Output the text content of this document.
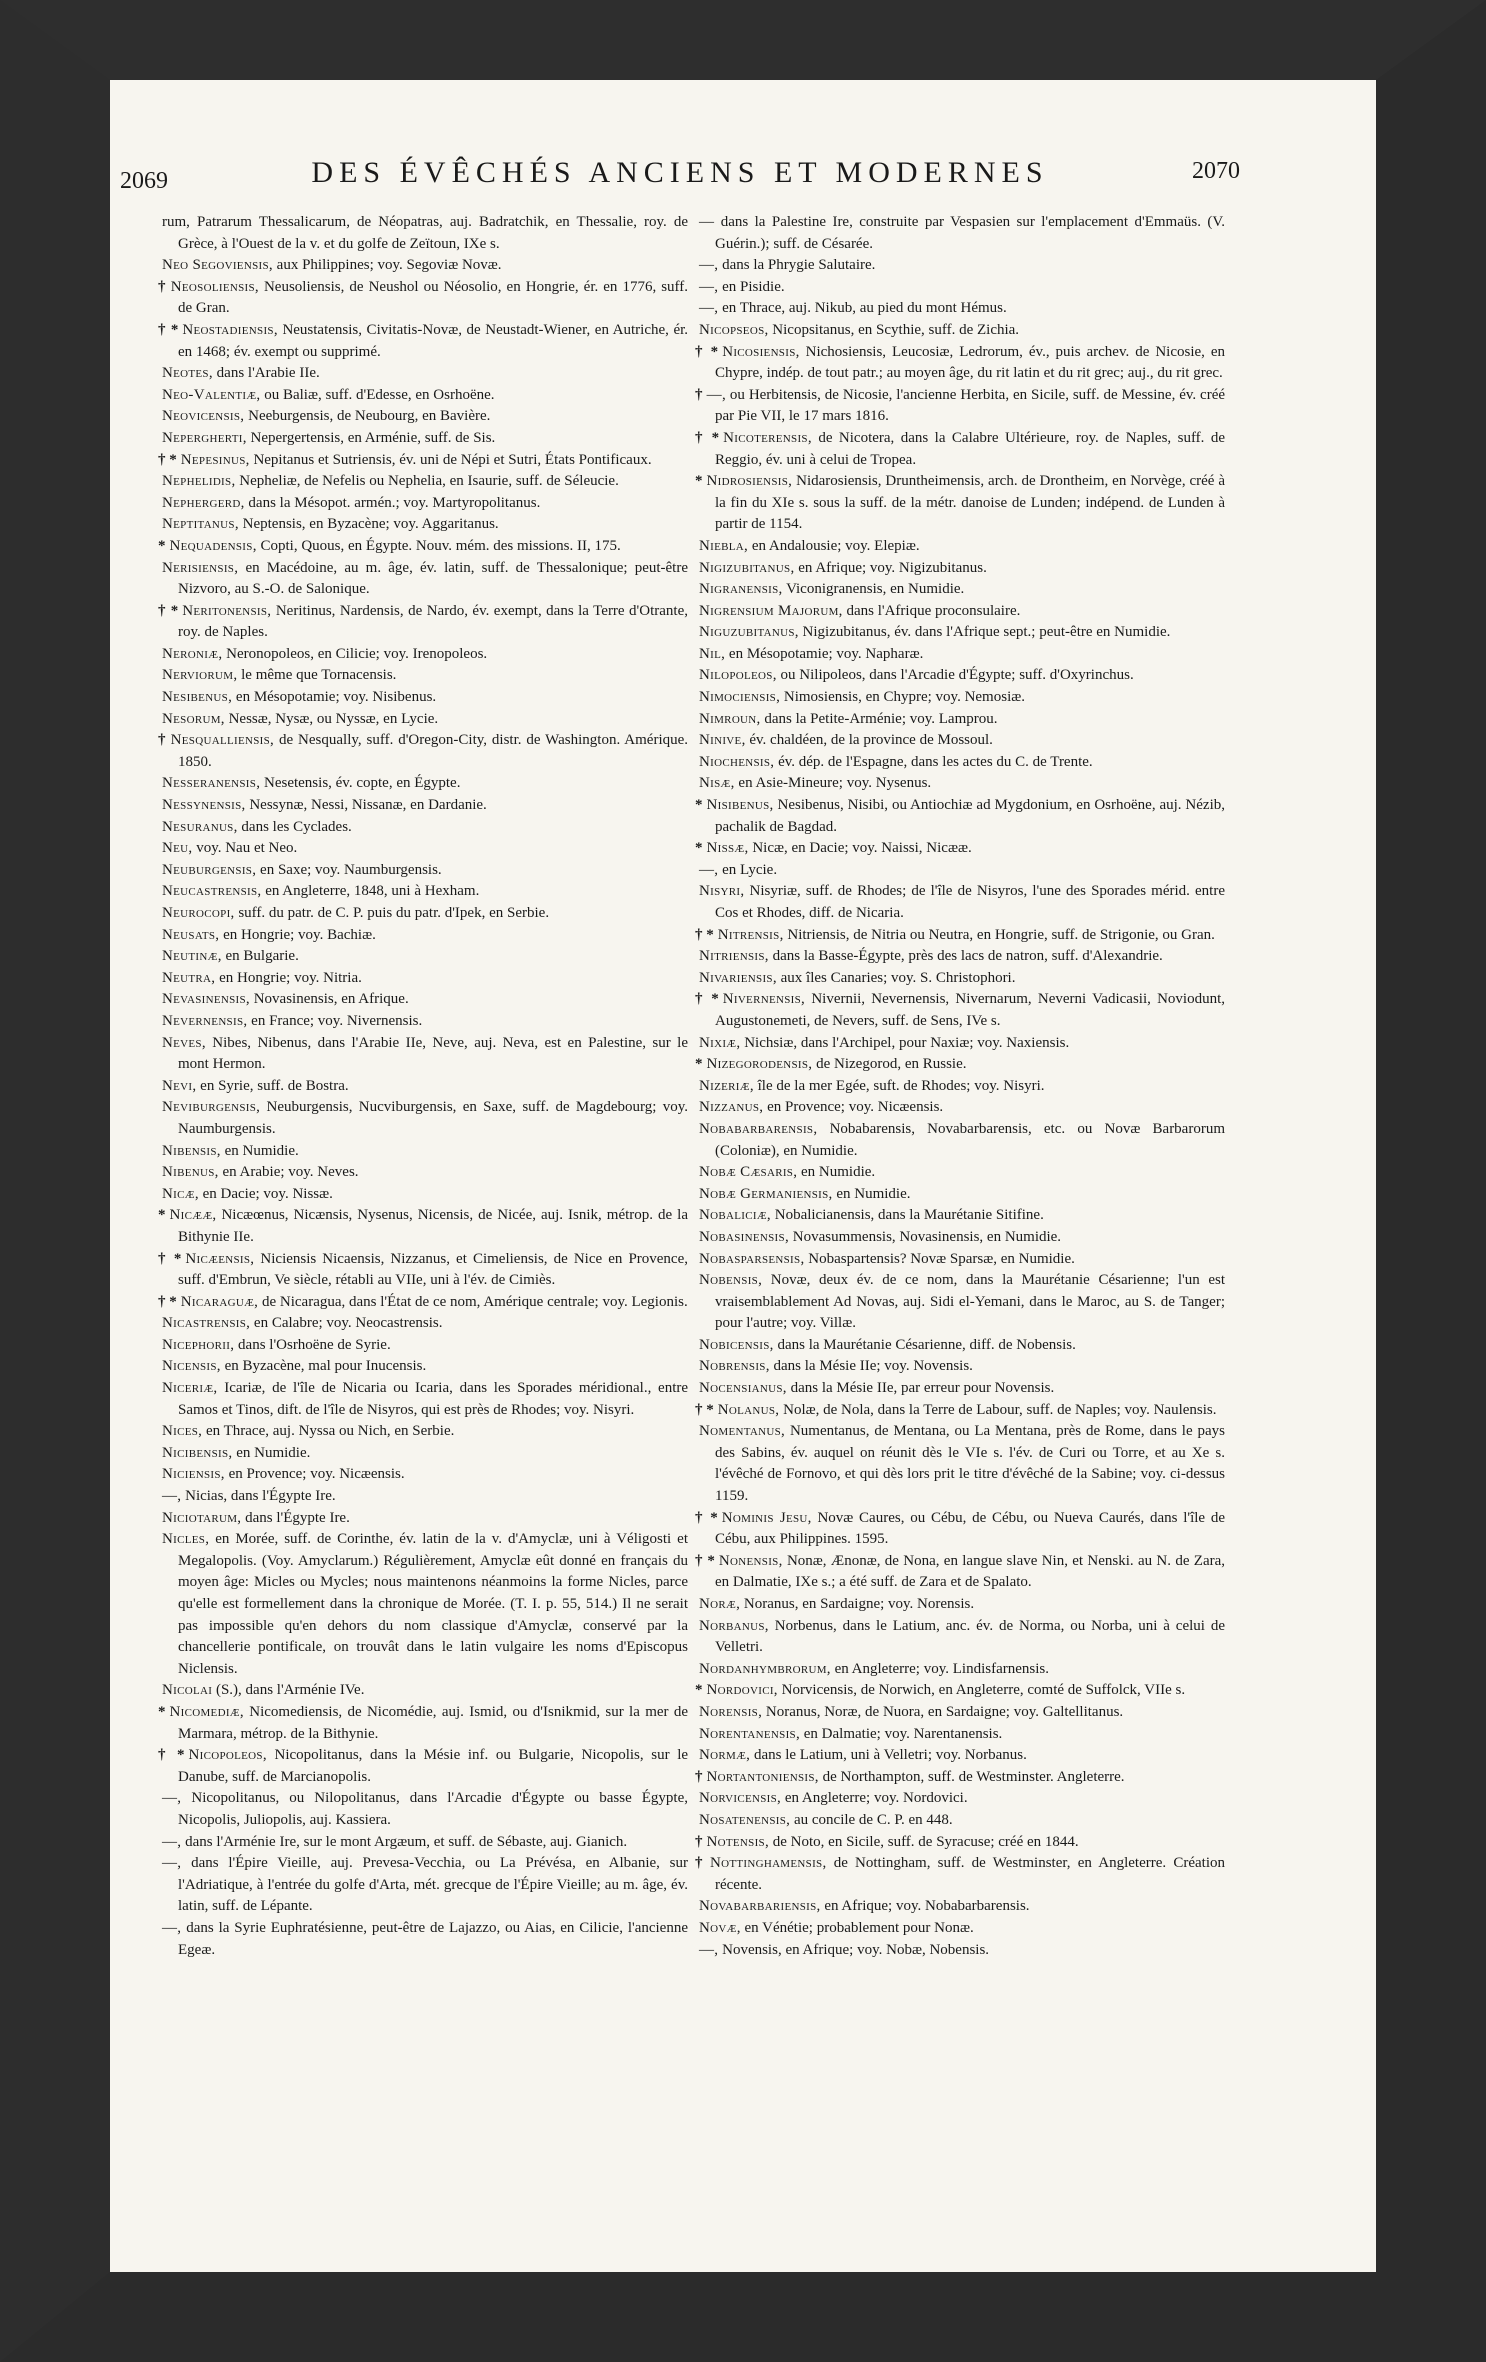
2069	DES ÉVÊCHÉS ANCIENS ET MODERNES	2070

rum, Patrarum Thessalicarum, de Néopatras, auj. Badratchik, en Thessalie, roy. de Grèce, à l'Ouest de la v. et du golfe de Zeïtoun, IXe s.

Neo Segoviensis, aux Philippines; voy. Segoviæ Novæ.

† Neosoliensis, Neusoliensis, de Neushol ou Néosolio, en Hongrie, ér. en 1776, suff. de Gran.

† * Neostadiensis, Neustatensis, Civitatis-Novæ, de Neustadt-Wiener, en Autriche, ér. en 1468; év. exempt ou supprimé.

Neotes, dans l'Arabie IIe.

Neo-Valentiæ, ou Baliæ, suff. d'Edesse, en Osrhoëne.

Neovicensis, Neeburgensis, de Neubourg, en Bavière.

Nepergherti, Nepergertensis, en Arménie, suff. de Sis.

† * Nepesinus, Nepitanus et Sutriensis, év. uni de Népi et Sutri, États Pontificaux.

Nephelidis, Nepheliæ, de Nefelis ou Nephelia, en Isaurie, suff. de Séleucie.

Nephergerd, dans la Mésopot. armén.; voy. Martyropolitanus.

Neptitanus, Neptensis, en Byzacène; voy. Aggaritanus.

* Nequadensis, Copti, Quous, en Égypte. Nouv. mém. des missions. II, 175.

Nerisiensis, en Macédoine, au m. âge, év. latin, suff. de Thessalonique; peut-être Nizvoro, au S.-O. de Salonique.

† * Neritonensis, Neritinus, Nardensis, de Nardo, év. exempt, dans la Terre d'Otrante, roy. de Naples.

Neroniæ, Neronopoleos, en Cilicie; voy. Irenopoleos.

Nerviorum, le même que Tornacensis.

Nesibenus, en Mésopotamie; voy. Nisibenus.

Nesorum, Nessæ, Nysæ, ou Nyssæ, en Lycie.

† Nesqualliensis, de Nesqually, suff. d'Oregon-City, distr. de Washington. Amérique. 1850.

Nesseranensis, Nesetensis, év. copte, en Égypte.

Nessynensis, Nessynæ, Nessi, Nissanæ, en Dardanie.

Nesuranus, dans les Cyclades.

Neu, voy. Nau et Neo.

Neuburgensis, en Saxe; voy. Naumburgensis.

Neucastrensis, en Angleterre, 1848, uni à Hexham.

Neurocopi, suff. du patr. de C. P. puis du patr. d'Ipek, en Serbie.

Neusats, en Hongrie; voy. Bachiæ.

Neutinæ, en Bulgarie.

Neutra, en Hongrie; voy. Nitria.

Nevasinensis, Novasinensis, en Afrique.

Nevernensis, en France; voy. Nivernensis.

Neves, Nibes, Nibenus, dans l'Arabie IIe, Neve, auj. Neva, est en Palestine, sur le mont Hermon.

Nevi, en Syrie, suff. de Bostra.

Neviburgensis, Neuburgensis, Nucviburgensis, en Saxe, suff. de Magdebourg; voy. Naumburgensis.

Nibensis, en Numidie.

Nibenus, en Arabie; voy. Neves.

Nicæ, en Dacie; voy. Nissæ.

* Nicææ, Nicæœnus, Nicænsis, Nysenus, Nicensis, de Nicée, auj. Isnik, métrop. de la Bithynie IIe.

† * Nicæensis, Niciensis Nicaensis, Nizzanus, et Cimeliensis, de Nice en Provence, suff. d'Embrun, Ve siècle, rétabli au VIIe, uni à l'év. de Cimiès.

† * Nicaraguæ, de Nicaragua, dans l'État de ce nom, Amérique centrale; voy. Legionis.

Nicastrensis, en Calabre; voy. Neocastrensis.

Nicephorii, dans l'Osrhoëne de Syrie.

Nicensis, en Byzacène, mal pour Inucensis.

Niceriæ, Icariæ, de l'île de Nicaria ou Icaria, dans les Sporades méridional., entre Samos et Tinos, dift. de l'île de Nisyros, qui est près de Rhodes; voy. Nisyri.

Nices, en Thrace, auj. Nyssa ou Nich, en Serbie.

Nicibensis, en Numidie.

Niciensis, en Provence; voy. Nicæensis.

—, Nicias, dans l'Égypte Ire.

Niciotarum, dans l'Égypte Ire.

Nicles, en Morée, suff. de Corinthe, év. latin de la v. d'Amyclæ, uni à Véligosti et Megalopolis. (Voy. Amyclarum.) Régulièrement, Amyclæ eût donné en français du moyen âge: Micles ou Mycles; nous maintenons néanmoins la forme Nicles, parce qu'elle est formellement dans la chronique de Morée. (T. I. p. 55, 514.) Il ne serait pas impossible qu'en dehors du nom classique d'Amyclæ, conservé par la chancellerie pontificale, on trouvât dans le latin vulgaire les noms d'Episcopus Niclensis.

Nicolai (S.), dans l'Arménie IVe.

* Nicomediæ, Nicomediensis, de Nicomédie, auj. Ismid, ou d'Isnikmid, sur la mer de Marmara, métrop. de la Bithynie.

† * Nicopoleos, Nicopolitanus, dans la Mésie inf. ou Bulgarie, Nicopolis, sur le Danube, suff. de Marcianopolis.

—, Nicopolitanus, ou Nilopolitanus, dans l'Arcadie d'Égypte ou basse Égypte, Nicopolis, Juliopolis, auj. Kassiera.

—, dans l'Arménie Ire, sur le mont Argæum, et suff. de Sébaste, auj. Gianich.

—, dans l'Épire Vieille, auj. Prevesa-Vecchia, ou La Prévésa, en Albanie, sur l'Adriatique, à l'entrée du golfe d'Arta, mét. grecque de l'Épire Vieille; au m. âge, év. latin, suff. de Lépante.

—, dans la Syrie Euphratésienne, peut-être de Lajazzo, ou Aias, en Cilicie, l'ancienne Egeæ.

— dans la Palestine Ire, construite par Vespasien sur l'emplacement d'Emmaüs. (V. Guérin.); suff. de Césarée.

—, dans la Phrygie Salutaire.

—, en Pisidie.

—, en Thrace, auj. Nikub, au pied du mont Hémus.

Nicopseos, Nicopsitanus, en Scythie, suff. de Zichia.

† * Nicosiensis, Nichosiensis, Leucosiæ, Ledrorum, év., puis archev. de Nicosie, en Chypre, indép. de tout patr.; au moyen âge, du rit latin et du rit grec; auj., du rit grec.

† —, ou Herbitensis, de Nicosie, l'ancienne Herbita, en Sicile, suff. de Messine, év. créé par Pie VII, le 17 mars 1816.

† * Nicoterensis, de Nicotera, dans la Calabre Ultérieure, roy. de Naples, suff. de Reggio, év. uni à celui de Tropea.

* Nidrosiensis, Nidarosiensis, Druntheimensis, arch. de Drontheim, en Norvège, créé à la fin du XIe s. sous la suff. de la métr. danoise de Lunden; indépend. de Lunden à partir de 1154.

Niebla, en Andalousie; voy. Elepiæ.

Nigizubitanus, en Afrique; voy. Nigizubitanus.

Nigranensis, Viconigranensis, en Numidie.

Nigrensium Majorum, dans l'Afrique proconsulaire.

Niguzubitanus, Nigizubitanus, év. dans l'Afrique sept.; peut-être en Numidie.

Nil, en Mésopotamie; voy. Napharæ.

Nilopoleos, ou Nilipoleos, dans l'Arcadie d'Égypte; suff. d'Oxyrinchus.

Nimociensis, Nimosiensis, en Chypre; voy. Nemosiæ.

Nimroun, dans la Petite-Arménie; voy. Lamprou.

Ninive, év. chaldéen, de la province de Mossoul.

Niochensis, év. dép. de l'Espagne, dans les actes du C. de Trente.

Nisæ, en Asie-Mineure; voy. Nysenus.

* Nisibenus, Nesibenus, Nisibi, ou Antiochiæ ad Mygdonium, en Osrhoëne, auj. Nézib, pachalik de Bagdad.

* Nissæ, Nicæ, en Dacie; voy. Naissi, Nicææ.

—, en Lycie.

Nisyri, Nisyriæ, suff. de Rhodes; de l'île de Nisyros, l'une des Sporades mérid. entre Cos et Rhodes, diff. de Nicaria.

† * Nitrensis, Nitriensis, de Nitria ou Neutra, en Hongrie, suff. de Strigonie, ou Gran.

Nitriensis, dans la Basse-Égypte, près des lacs de natron, suff. d'Alexandrie.

Nivariensis, aux îles Canaries; voy. S. Christophori.

† * Nivernensis, Nivernii, Nevernensis, Nivernarum, Neverni Vadicasii, Noviodunt, Augustonemeti, de Nevers, suff. de Sens, IVe s.

Nixiæ, Nichsiæ, dans l'Archipel, pour Naxiæ; voy. Naxiensis.

* Nizegorodensis, de Nizegorod, en Russie.

Nizeriæ, île de la mer Egée, suft. de Rhodes; voy. Nisyri.

Nizzanus, en Provence; voy. Nicæensis.

Nobabarbarensis, Nobabarensis, Novabarbarensis, etc. ou Novæ Barbarorum (Coloniæ), en Numidie.

Nobæ Cæsaris, en Numidie.

Nobæ Germaniensis, en Numidie.

Nobaliciæ, Nobalicianensis, dans la Maurétanie Sitifine.

Nobasinensis, Novasummensis, Novasinensis, en Numidie.

Nobasparsensis, Nobaspartensis? Novæ Sparsæ, en Numidie.

Nobensis, Novæ, deux év. de ce nom, dans la Maurétanie Césarienne; l'un est vraisemblablement Ad Novas, auj. Sidi el-Yemani, dans le Maroc, au S. de Tanger; pour l'autre; voy. Villæ.

Nobicensis, dans la Maurétanie Césarienne, diff. de Nobensis.

Nobrensis, dans la Mésie IIe; voy. Novensis.

Nocensianus, dans la Mésie IIe, par erreur pour Novensis.

† * Nolanus, Nolæ, de Nola, dans la Terre de Labour, suff. de Naples; voy. Naulensis.

Nomentanus, Numentanus, de Mentana, ou La Mentana, près de Rome, dans le pays des Sabins, év. auquel on réunit dès le VIe s. l'év. de Curi ou Torre, et au Xe s. l'évêché de Fornovo, et qui dès lors prit le titre d'évêché de la Sabine; voy. ci-dessus 1159.

† * Nominis Jesu, Novæ Caures, ou Cébu, de Cébu, ou Nueva Caurés, dans l'île de Cébu, aux Philippines. 1595.

† * Nonensis, Nonæ, Ænonæ, de Nona, en langue slave Nin, et Nenski. au N. de Zara, en Dalmatie, IXe s.; a été suff. de Zara et de Spalato.

Noræ, Noranus, en Sardaigne; voy. Norensis.

Norbanus, Norbenus, dans le Latium, anc. év. de Norma, ou Norba, uni à celui de Velletri.

Nordanhymbrorum, en Angleterre; voy. Lindisfarnensis.

* Nordovici, Norvicensis, de Norwich, en Angleterre, comté de Suffolck, VIIe s.

Norensis, Noranus, Noræ, de Nuora, en Sardaigne; voy. Galtellitanus.

Norentanensis, en Dalmatie; voy. Narentanensis.

Normæ, dans le Latium, uni à Velletri; voy. Norbanus.

† Nortantoniensis, de Northampton, suff. de Westminster. Angleterre.

Norvicensis, en Angleterre; voy. Nordovici.

Nosatenensis, au concile de C. P. en 448.

† Notensis, de Noto, en Sicile, suff. de Syracuse; créé en 1844.

† Nottinghamensis, de Nottingham, suff. de Westminster, en Angleterre. Création récente.

Novabarbariensis, en Afrique; voy. Nobabarbarensis.

Novæ, en Vénétie; probablement pour Nonæ.

—, Novensis, en Afrique; voy. Nobæ, Nobensis.
